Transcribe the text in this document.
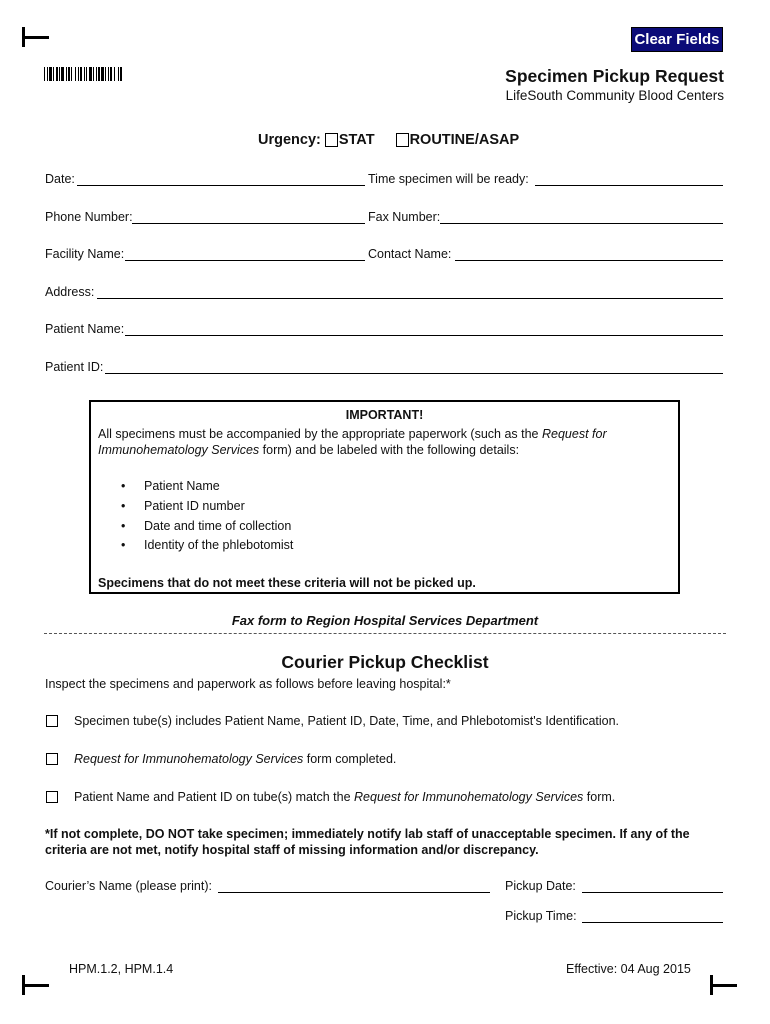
Clear Fields
Specimen Pickup Request
LifeSouth Community Blood Centers
Urgency: STAT ROUTINE/ASAP
Date:	Time specimen will be ready:
Phone Number:	Fax Number:
Facility Name:	Contact Name:
Address:
Patient Name:
Patient ID:
IMPORTANT!
All specimens must be accompanied by the appropriate paperwork (such as the Request for Immunohematology Services form) and be labeled with the following details:
•	Patient Name
•	Patient ID number
•	Date and time of collection
•	Identity of the phlebotomist
Specimens that do not meet these criteria will not be picked up.
Fax form to Region Hospital Services Department
Courier Pickup Checklist
Inspect the specimens and paperwork as follows before leaving hospital:*
Specimen tube(s) includes Patient Name, Patient ID, Date, Time, and Phlebotomist's Identification.
Request for Immunohematology Services form completed.
Patient Name and Patient ID on tube(s) match the Request for Immunohematology Services form.
*If not complete, DO NOT take specimen; immediately notify lab staff of unacceptable specimen. If any of the criteria are not met, notify hospital staff of missing information and/or discrepancy.
Courier’s Name (please print):	Pickup Date:
Pickup Time:
HPM.1.2, HPM.1.4	Effective: 04 Aug 2015
